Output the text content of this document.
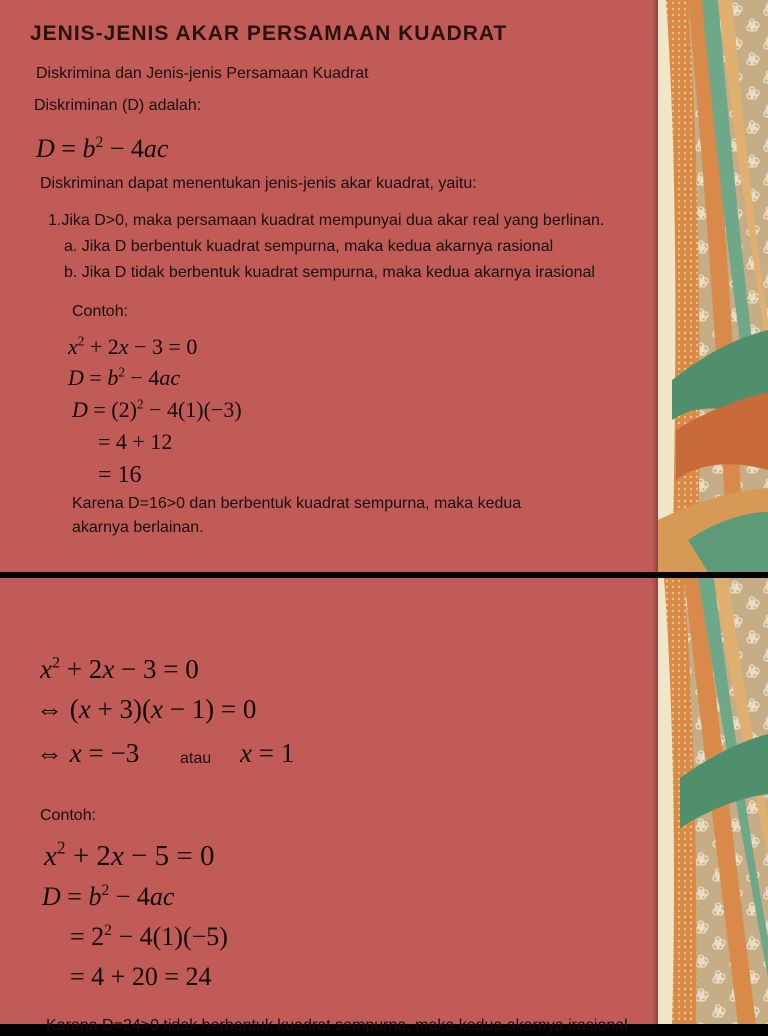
JENIS-JENIS AKAR PERSAMAAN KUADRAT
Diskrimina dan Jenis-jenis Persamaan Kuadrat
Diskriminan (D) adalah:
$D = b^2 - 4ac$
Diskriminan dapat menentukan jenis-jenis akar kuadrat, yaitu:
1.Jika D>0, maka persamaan kuadrat mempunyai dua akar real yang berlinan.
a. Jika D berbentuk kuadrat sempurna, maka kedua akarnya rasional
b. Jika D tidak berbentuk kuadrat sempurna, maka kedua akarnya irasional
Contoh:
$x^2 + 2x - 3 = 0$
$D = b^2 - 4ac$
$D = (2)^2 - 4(1)(-3)$
= 4 + 12
= 16
Karena D=16>0 dan berbentuk kuadrat sempurna, maka kedua
akarnya berlainan.
$x^2 + 2x - 3 = 0$
⇔ (x + 3)(x − 1) = 0
⇔ x = −3	atau x = 1
Contoh:
$x^2 + 2x - 5 = 0$
$D = b^2 - 4ac$
= $2^2 - 4(1)(-5)$
= 4 + 20 = 24
Karena D=24>0 tidak berbentuk kuadrat sempurna, maka kedua akarnya irasional
